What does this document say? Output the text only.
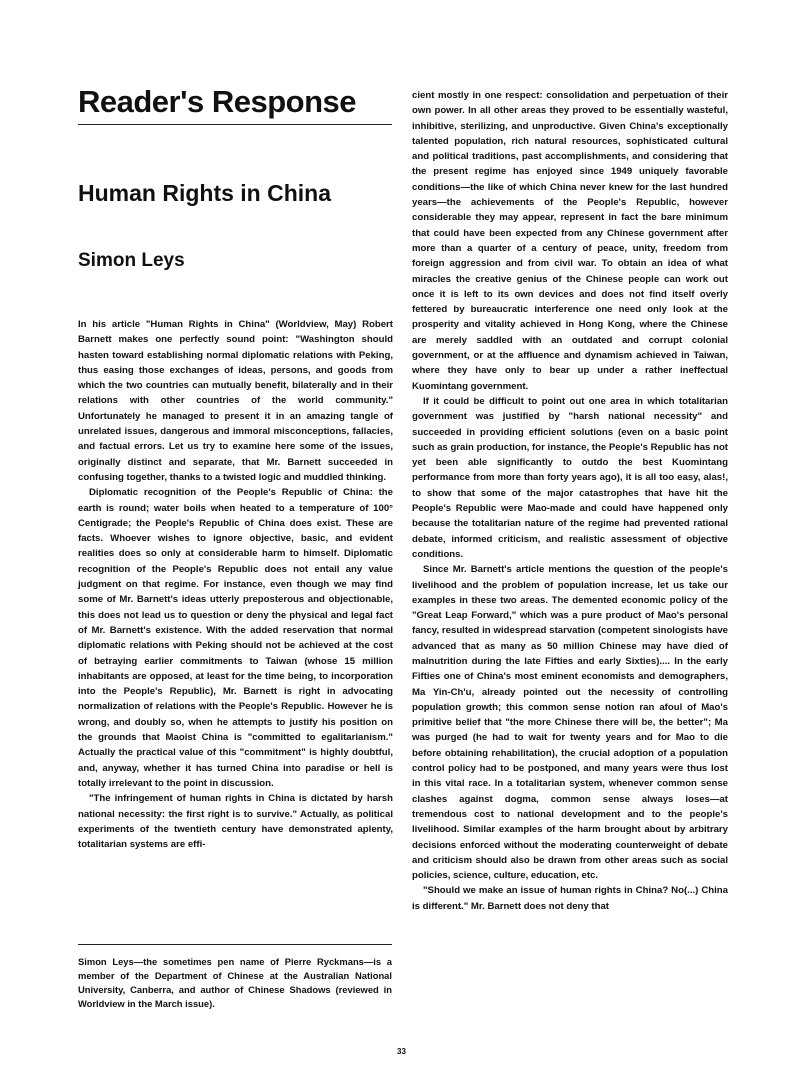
Reader's Response
Human Rights in China
Simon Leys

In his article "Human Rights in China" (Worldview, May) Robert Barnett makes one perfectly sound point: "Washington should hasten toward establishing normal diplomatic relations with Peking, thus easing those exchanges of ideas, persons, and goods from which the two countries can mutually benefit, bilaterally and in their relations with other countries of the world community." Unfortunately he managed to present it in an amazing tangle of unrelated issues, dangerous and immoral misconceptions, fallacies, and factual errors. Let us try to examine here some of the issues, originally distinct and separate, that Mr. Barnett succeeded in confusing together, thanks to a twisted logic and muddled thinking.

Diplomatic recognition of the People's Republic of China: the earth is round; water boils when heated to a temperature of 100° Centigrade; the People's Republic of China does exist. These are facts. Whoever wishes to ignore objective, basic, and evident realities does so only at considerable harm to himself. Diplomatic recognition of the People's Republic does not entail any value judgment on that regime. For instance, even though we may find some of Mr. Barnett's ideas utterly preposterous and objectionable, this does not lead us to question or deny the physical and legal fact of Mr. Barnett's existence. With the added reservation that normal diplomatic relations with Peking should not be achieved at the cost of betraying earlier commitments to Taiwan (whose 15 million inhabitants are opposed, at least for the time being, to incorporation into the People's Republic), Mr. Barnett is right in advocating normalization of relations with the People's Republic. However he is wrong, and doubly so, when he attempts to justify his position on the grounds that Maoist China is "committed to egalitarianism." Actually the practical value of this "commitment" is highly doubtful, and, anyway, whether it has turned China into paradise or hell is totally irrelevant to the point in discussion.

"The infringement of human rights in China is dictated by harsh national necessity: the first right is to survive." Actually, as political experiments of the twentieth century have demonstrated aplenty, totalitarian systems are effi-

Simon Leys—the sometimes pen name of Pierre Ryckmans—is a member of the Department of Chinese at the Australian National University, Canberra, and author of Chinese Shadows (reviewed in Worldview in the March issue).

cient mostly in one respect: consolidation and perpetuation of their own power. In all other areas they proved to be essentially wasteful, inhibitive, sterilizing, and unproductive. Given China's exceptionally talented population, rich natural resources, sophisticated cultural and political traditions, past accomplishments, and considering that the present regime has enjoyed since 1949 uniquely favorable conditions—the like of which China never knew for the last hundred years—the achievements of the People's Republic, however considerable they may appear, represent in fact the bare minimum that could have been expected from any Chinese government after more than a quarter of a century of peace, unity, freedom from foreign aggression and from civil war. To obtain an idea of what miracles the creative genius of the Chinese people can work out once it is left to its own devices and does not find itself overly fettered by bureaucratic interference one need only look at the prosperity and vitality achieved in Hong Kong, where the Chinese are merely saddled with an outdated and corrupt colonial government, or at the affluence and dynamism achieved in Taiwan, where they have only to bear up under a rather ineffectual Kuomintang government.

If it could be difficult to point out one area in which totalitarian government was justified by "harsh national necessity" and succeeded in providing efficient solutions (even on a basic point such as grain production, for instance, the People's Republic has not yet been able significantly to outdo the best Kuomintang performance from more than forty years ago), it is all too easy, alas!, to show that some of the major catastrophes that have hit the People's Republic were Mao-made and could have happened only because the totalitarian nature of the regime had prevented rational debate, informed criticism, and realistic assessment of objective conditions.

Since Mr. Barnett's article mentions the question of the people's livelihood and the problem of population increase, let us take our examples in these two areas. The demented economic policy of the "Great Leap Forward," which was a pure product of Mao's personal fancy, resulted in widespread starvation (competent sinologists have advanced that as many as 50 million Chinese may have died of malnutrition during the late Fifties and early Sixties).... In the early Fifties one of China's most eminent economists and demographers, Ma Yin-Ch'u, already pointed out the necessity of controlling population growth; this common sense notion ran afoul of Mao's primitive belief that "the more Chinese there will be, the better"; Ma was purged (he had to wait for twenty years and for Mao to die before obtaining rehabilitation), the crucial adoption of a population control policy had to be postponed, and many years were thus lost in this vital race. In a totalitarian system, whenever common sense clashes against dogma, common sense always loses—at tremendous cost to national development and to the people's livelihood. Similar examples of the harm brought about by arbitrary decisions enforced without the moderating counterweight of debate and criticism should also be drawn from other areas such as social policies, science, culture, education, etc.

"Should we make an issue of human rights in China? No(...) China is different." Mr. Barnett does not deny that

33
